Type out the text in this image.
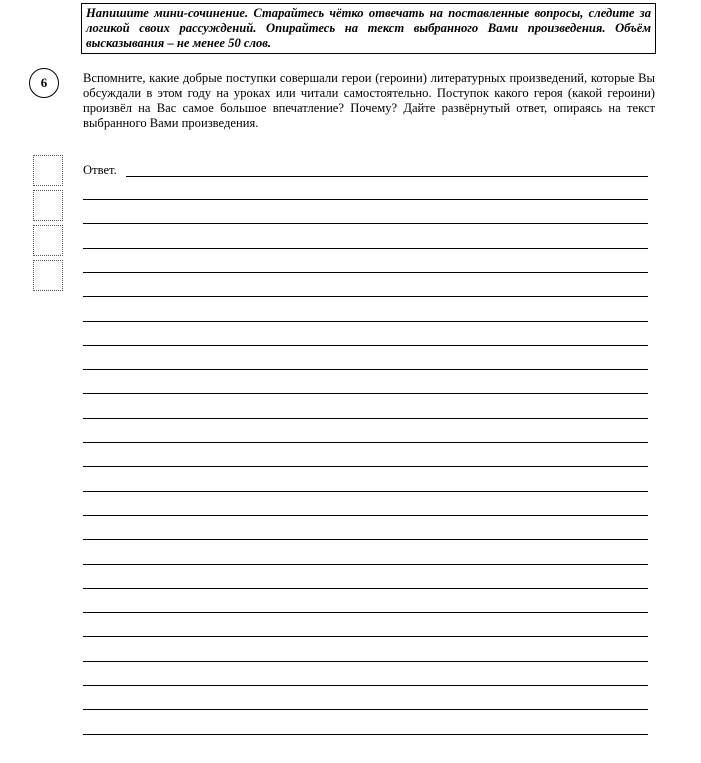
Напишите мини-сочинение. Старайтесь чётко отвечать на поставленные вопросы, следите за логикой своих рассуждений. Опирайтесь на текст выбранного Вами произведения. Объём высказывания – не менее 50 слов.
6	Вспомните, какие добрые поступки совершали герои (героини) литературных произведений, которые Вы обсуждали в этом году на уроках или читали самостоятельно. Поступок какого героя (какой героини) произвёл на Вас самое большое впечатление? Почему? Дайте развёрнутый ответ, опираясь на текст выбранного Вами произведения.
Ответ.
